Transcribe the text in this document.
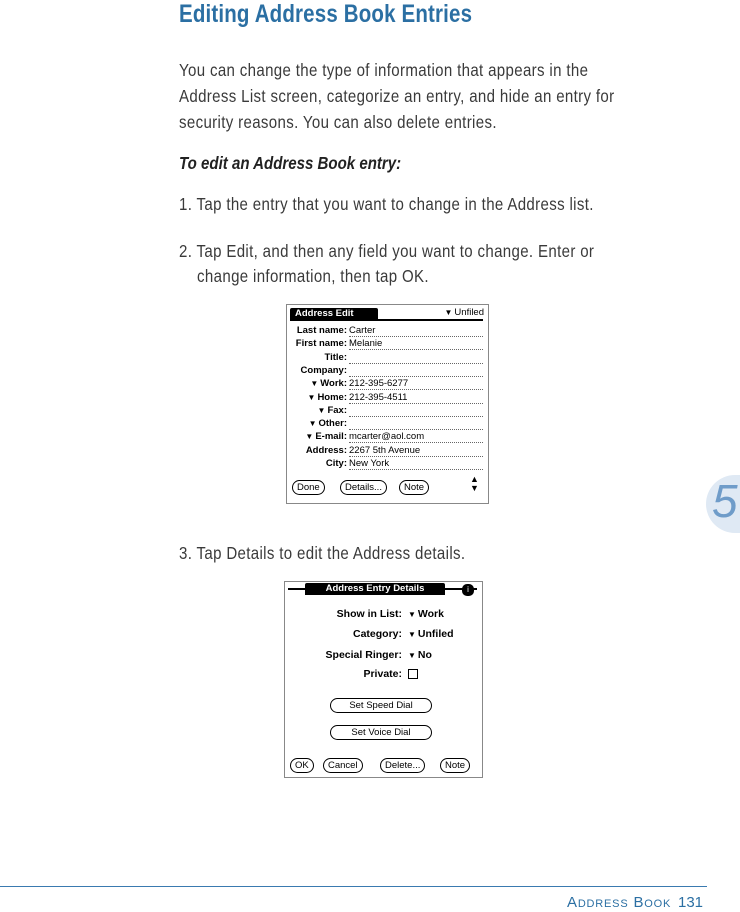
Editing Address Book Entries
You can change the type of information that appears in the
Address List screen, categorize an entry, and hide an entry for
security reasons. You can also delete entries.
To edit an Address Book entry:
1. Tap the entry that you want to change in the Address list.
2. Tap Edit, and then any field you want to change. Enter or
change information, then tap OK.
Address Edit	▼ Unfiled
Last name: Carter
First name: Melanie
Title:
Company:
▼ Work: 212-395-6277
▼ Home: 212-395-4511
▼ Fax:
▼ Other:
▼ E-mail: mcarter@aol.com
Address: 2267 5th Avenue
City: New York
Done	Details...	Note
▲
▼
3. Tap Details to edit the Address details.
Address Entry Details	i
Show in List: ▼ Work
Category: ▼ Unfiled
Special Ringer: ▼ No
Private:
Set Speed Dial
Set Voice Dial
OK	Cancel	Delete...	Note
5
ADDRESS BOOK 131
